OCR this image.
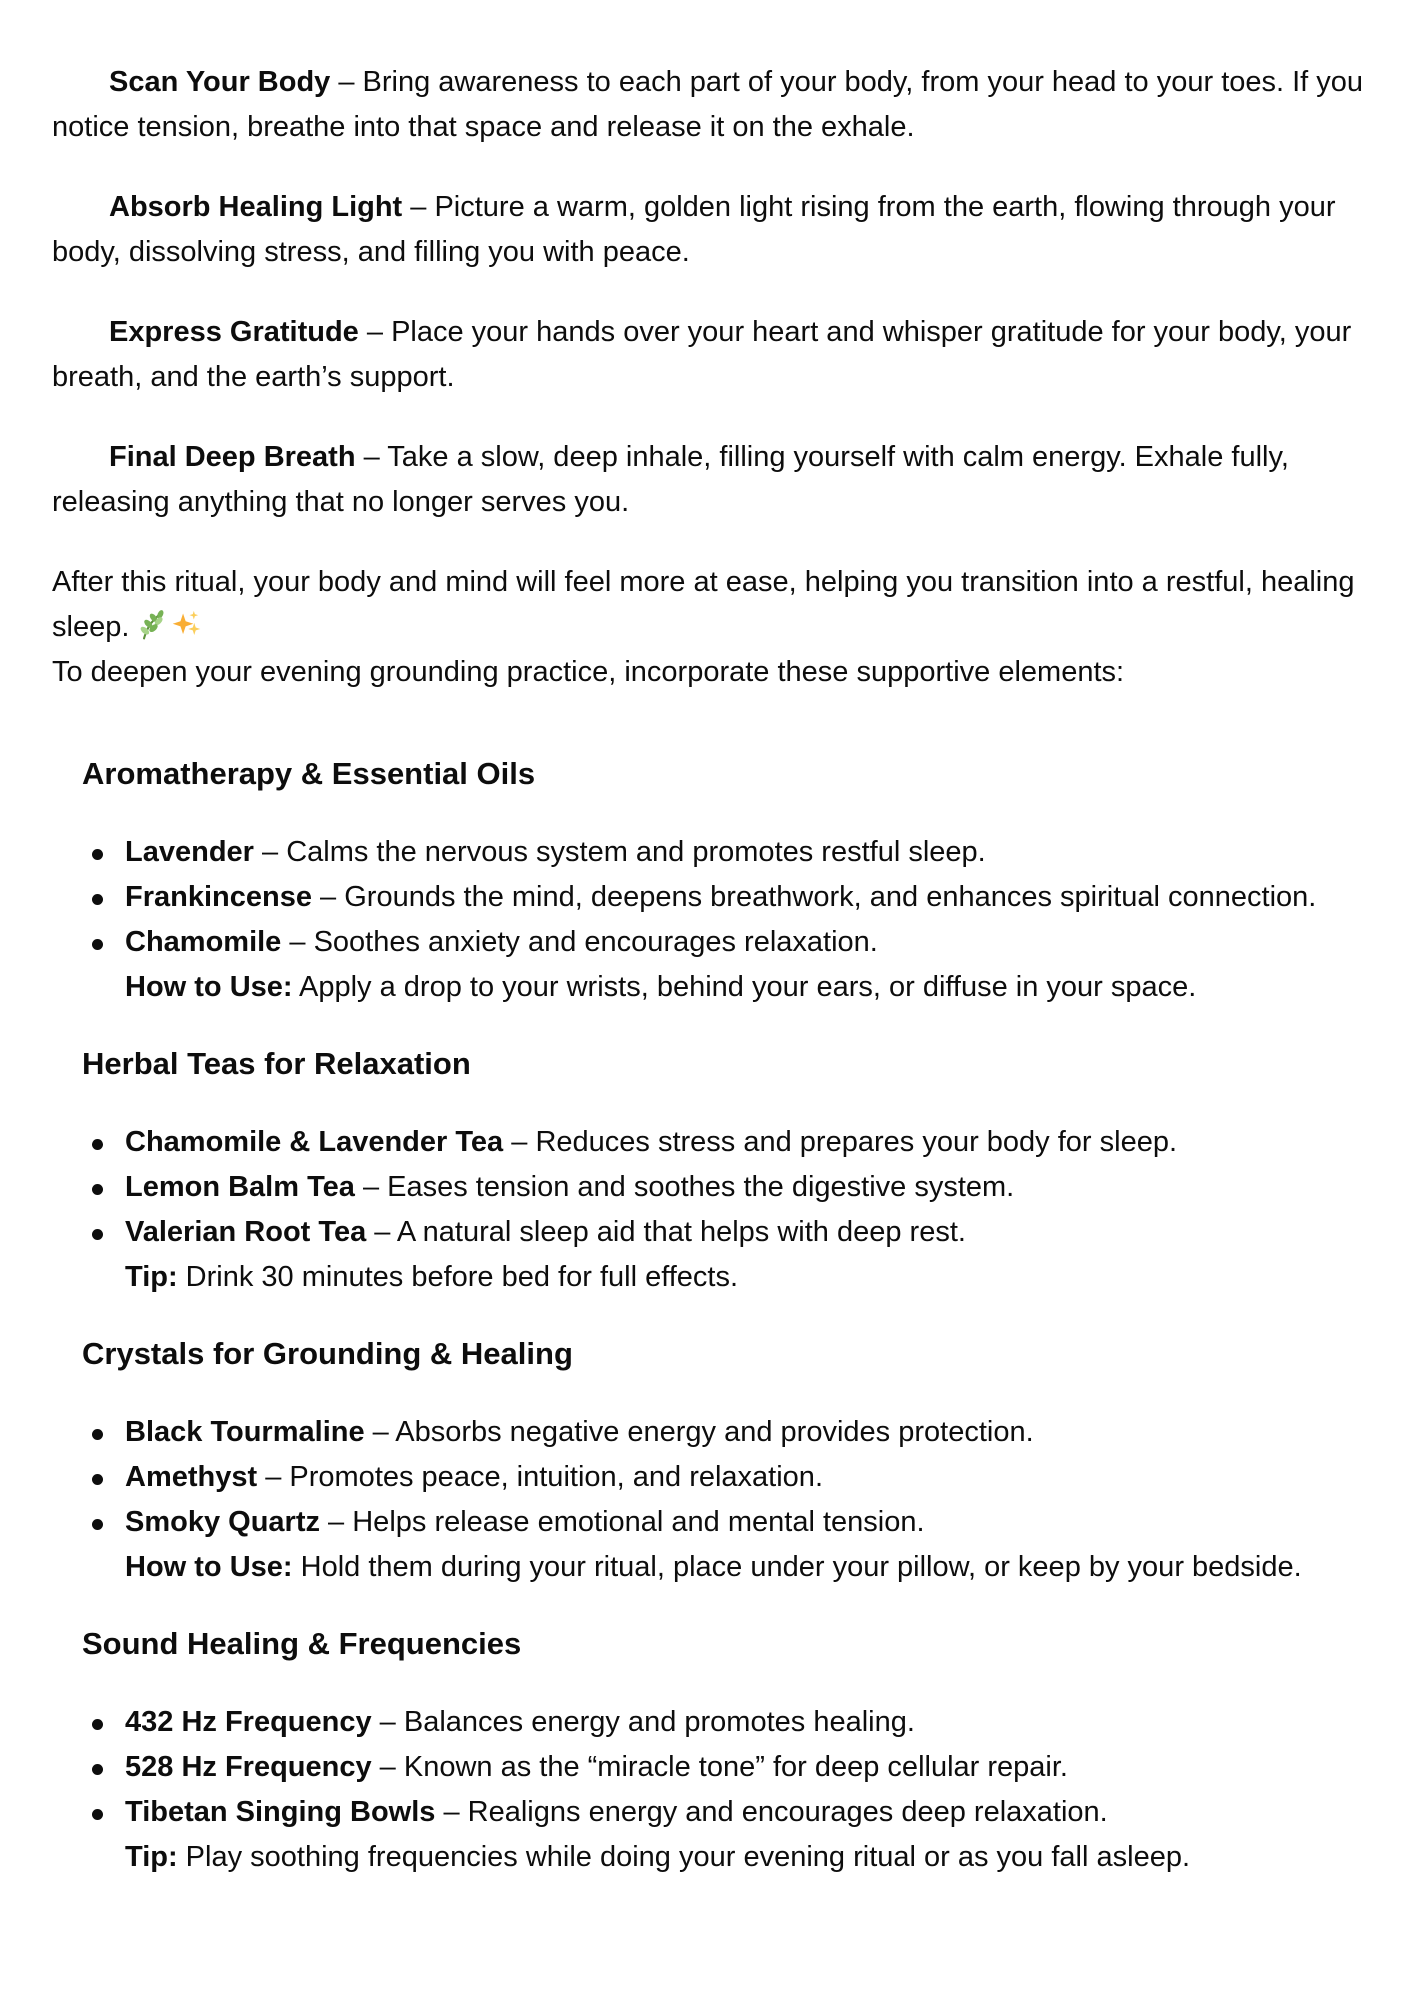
Scan Your Body – Bring awareness to each part of your body, from your head to your toes. If you notice tension, breathe into that space and release it on the exhale.

Absorb Healing Light – Picture a warm, golden light rising from the earth, flowing through your body, dissolving stress, and filling you with peace.

Express Gratitude – Place your hands over your heart and whisper gratitude for your body, your breath, and the earth’s support.

Final Deep Breath – Take a slow, deep inhale, filling yourself with calm energy. Exhale fully, releasing anything that no longer serves you.

After this ritual, your body and mind will feel more at ease, helping you transition into a restful, healing sleep.

To deepen your evening grounding practice, incorporate these supportive elements:

Aromatherapy & Essential Oils
Lavender – Calms the nervous system and promotes restful sleep.
Frankincense – Grounds the mind, deepens breathwork, and enhances spiritual connection.
Chamomile – Soothes anxiety and encourages relaxation.
How to Use: Apply a drop to your wrists, behind your ears, or diffuse in your space.
Herbal Teas for Relaxation
Chamomile & Lavender Tea – Reduces stress and prepares your body for sleep.
Lemon Balm Tea – Eases tension and soothes the digestive system.
Valerian Root Tea – A natural sleep aid that helps with deep rest.
Tip: Drink 30 minutes before bed for full effects.
Crystals for Grounding & Healing
Black Tourmaline – Absorbs negative energy and provides protection.
Amethyst – Promotes peace, intuition, and relaxation.
Smoky Quartz – Helps release emotional and mental tension.
How to Use: Hold them during your ritual, place under your pillow, or keep by your bedside.
Sound Healing & Frequencies
432 Hz Frequency – Balances energy and promotes healing.
528 Hz Frequency – Known as the “miracle tone” for deep cellular repair.
Tibetan Singing Bowls – Realigns energy and encourages deep relaxation.
Tip: Play soothing frequencies while doing your evening ritual or as you fall asleep.
